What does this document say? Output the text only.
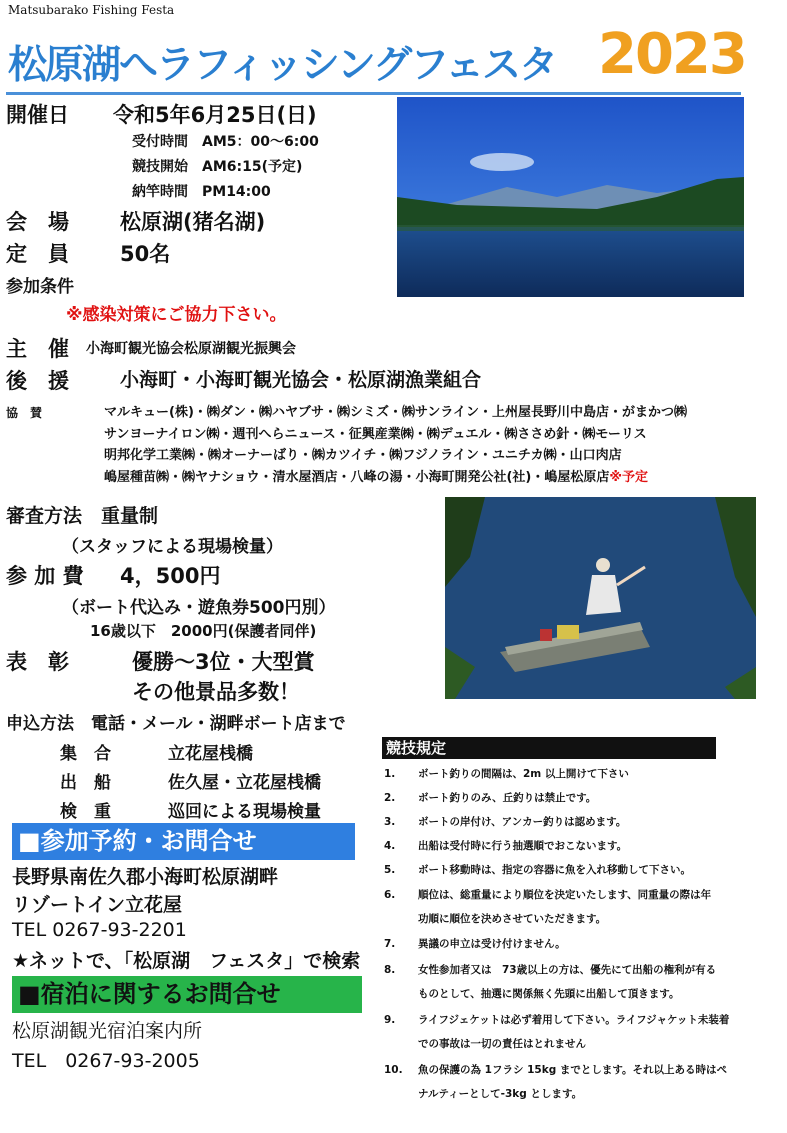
Matsubarako Fishing Festa
松原湖へラフィッシングフェスタ 2023
開催日 令和5年6月25日(日)
受付時間　AM5：00～6:00
競技開始　AM6:15(予定)
納竿時間　PM14:00
会　場 松原湖(猪名湖)
定　員 50名
参加条件
※感染対策にご協力下さい。
主　催 小海町観光協会松原湖観光振興会
後　援	小海町・小海町観光協会・松原湖漁業組合
協　賛	マルキュー(株)・㈱ダン・㈱ハヤブサ・㈱シミズ・㈱サンライン・上州屋長野川中島店・がまかつ㈱
サンヨーナイロン㈱・週刊へらニュース・征興産業㈱・㈱デュエル・㈱ささめ針・㈱モーリス
明邦化学工業㈱・㈱オーナーばり・㈱カツイチ・㈱フジノライン・ユニチカ㈱・山口肉店
嶋屋種苗㈱・㈱ヤナショウ・清水屋酒店・八峰の湯・小海町開発公社(社)・嶋屋松原店※予定
審査方法　重量制
（スタッフによる現場検量）
参 加 費 4，500円
（ボート代込み・遊魚券500円別）
16歳以下　2000円(保護者同伴)
表　彰	優勝～3位・大型賞
その他景品多数！
申込方法　電話・メール・湖畔ボート店まで
集　合	立花屋桟橋
出　船	佐久屋・立花屋桟橋
検　重	巡回による現場検量
■参加予約・お問合せ
長野県南佐久郡小海町松原湖畔
リゾートイン立花屋
TEL 0267-93-2201
★ネットで、「松原湖　フェスタ」で検索
■宿泊に関するお問合せ
松原湖観光宿泊案内所
TEL　0267-93-2005
競技規定
1. ボート釣りの間隔は、2m 以上開けて下さい
2. ボート釣りのみ、丘釣りは禁止です。
3. ボートの岸付け、アンカー釣りは認めます。
4. 出船は受付時に行う抽選順でおこないます。
5. ボート移動時は、指定の容器に魚を入れ移動して下さい。
6. 順位は、総重量により順位を決定いたします、同重量の際は年
功順に順位を決めさせていただきます。
7. 異議の申立は受け付けません。
8. 女性参加者又は　73歳以上の方は、優先にて出船の権利が有る
ものとして、抽選に関係無く先頭に出船して頂きます。
9. ライフジェケットは必ず着用して下さい。ライフジャケット未装着
での事故は一切の責任はとれません
10. 魚の保護の為 1フラシ 15kg までとします。それ以上ある時はペ
ナルティーとして-3kg とします。
